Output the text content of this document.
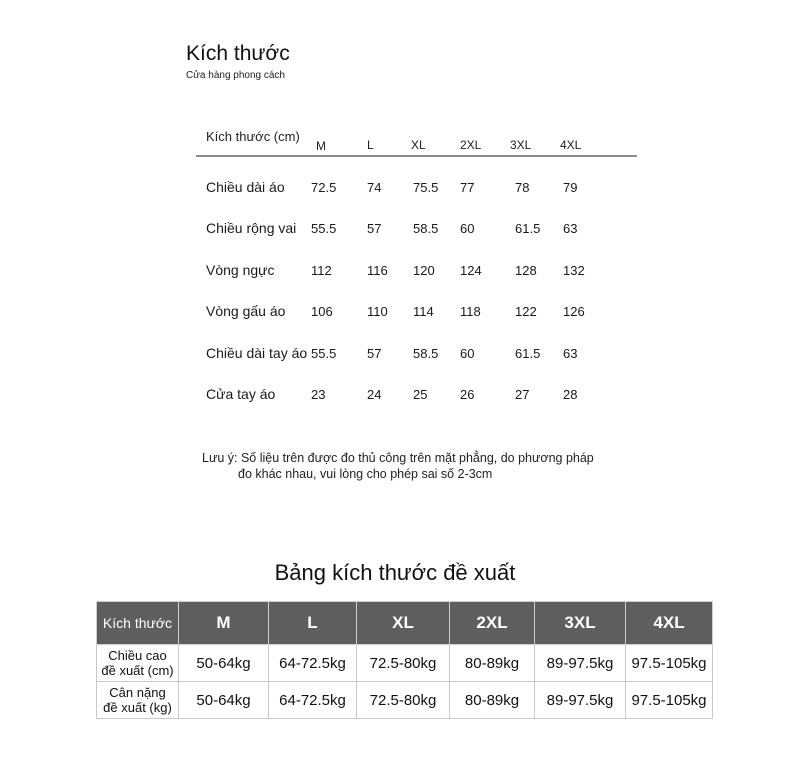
Kích thước
Cửa hàng phong cách
Kích thước (cm)
M	L	XL	2XL 3XL 4XL
Chiều dài áo 72.5 74 75.5 77	78	79
Chiều rộng vai 55.5 57 58.5 60	61.5 63
Vòng ngực	112	116 120 124	128 132
Vòng gấu áo 106	110 114 118	122 126
Chiều dài tay áo 55.5 57 58.5 60	61.5 63
Cửa tay áo	23	24 25	26	27	28
Lưu ý: Số liệu trên được đo thủ công trên mặt phẳng, do phương pháp
đo khác nhau, vui lòng cho phép sai số 2-3cm
Bảng kích thước đề xuất
Kích thước	M	L	XL	2XL	3XL	4XL

Chiều cao
đề xuất (cm)	50-64kg	64-72.5kg	72.5-80kg	80-89kg	89-97.5kg	97.5-105kg

Cân nặng
đề xuất (kg)	50-64kg	64-72.5kg	72.5-80kg	80-89kg	89-97.5kg	97.5-105kg
